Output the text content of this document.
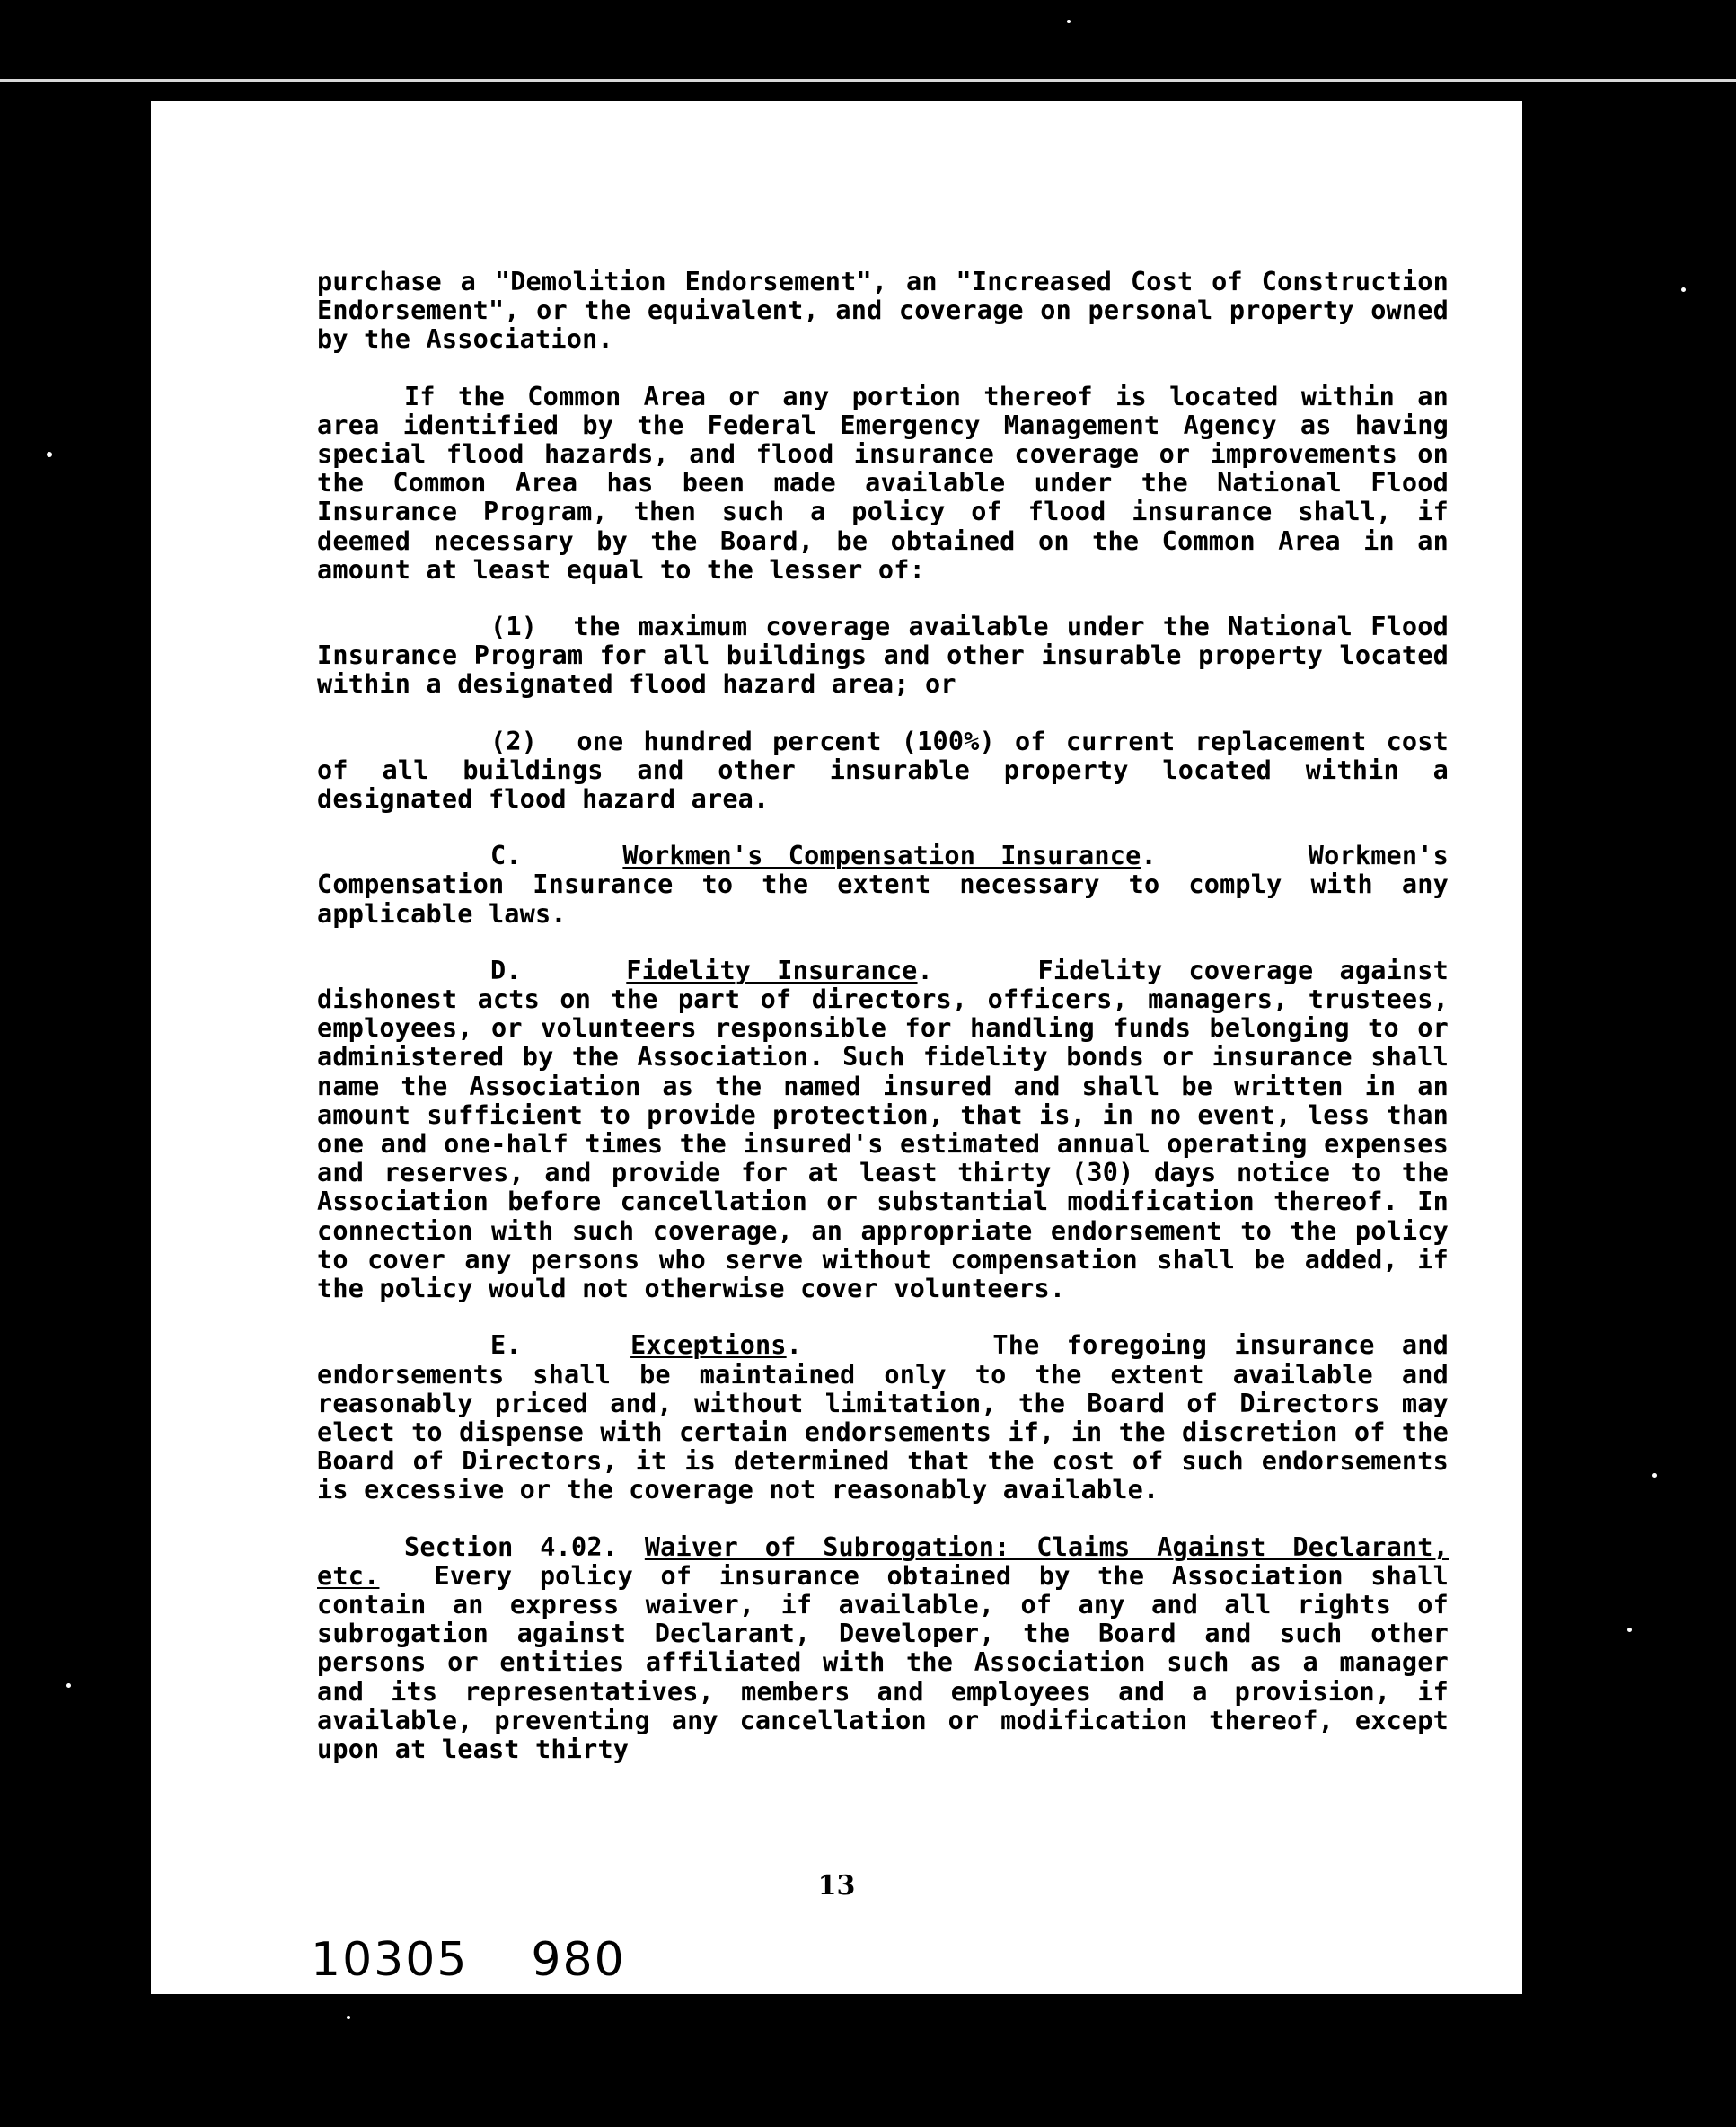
purchase a "Demolition Endorsement", an "Increased Cost of Construction Endorsement", or the equivalent, and coverage on personal property owned by the Association.

If the Common Area or any portion thereof is located within an area identified by the Federal Emergency Management Agency as having special flood hazards, and flood insurance coverage or improvements on the Common Area has been made available under the National Flood Insurance Program, then such a policy of flood insurance shall, if deemed necessary by the Board, be obtained on the Common Area in an amount at least equal to the lesser of:

(1) the maximum coverage available under the National Flood Insurance Program for all buildings and other insurable property located within a designated flood hazard area; or

(2) one hundred percent (100%) of current replacement cost of all buildings and other insurable property located within a designated flood hazard area.

C.	Workmen's Compensation Insurance.      Workmen's Compensation Insurance to the extent necessary to comply with any applicable laws.

D.	Fidelity Insurance.    Fidelity coverage against dishonest acts on the part of directors, officers, managers, trustees, employees, or volunteers responsible for handling funds belonging to or administered by the Association. Such fidelity bonds or insurance shall name the Association as the named insured and shall be written in an amount sufficient to provide protection, that is, in no event, less than one and one-half times the insured's estimated annual operating expenses and reserves, and provide for at least thirty (30) days notice to the Association before cancellation or substantial modification thereof. In connection with such coverage, an appropriate endorsement to the policy to cover any persons who serve without compensation shall be added, if the policy would not otherwise cover volunteers.

E.	Exceptions.       The foregoing insurance and endorsements shall be maintained only to the extent available and reasonably priced and, without limitation, the Board of Directors may elect to dispense with certain endorsements if, in the discretion of the Board of Directors, it is determined that the cost of such endorsements is excessive or the coverage not reasonably available.

Section 4.02. Waiver of Subrogation: Claims Against Declarant, etc. Every policy of insurance obtained by the Association shall contain an express waiver, if available, of any and all rights of subrogation against Declarant, Developer, the Board and such other persons or entities affiliated with the Association such as a manager and its representatives, members and employees and a provision, if available, preventing any cancellation or modification thereof, except upon at least thirty

13
10305 980
